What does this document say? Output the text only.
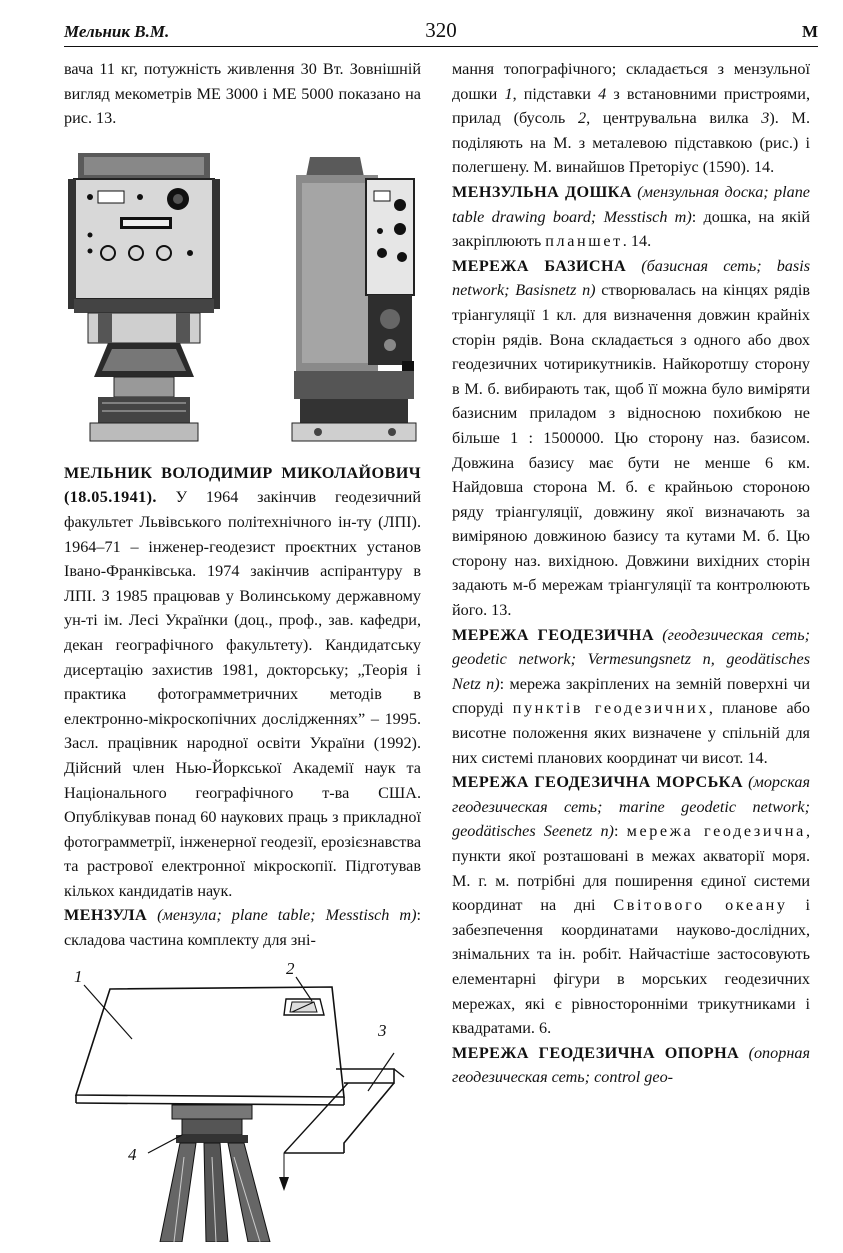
Мельник В.М.	320	М

вача 11 кг, потужність живлення 30 Вт. Зовнішній вигляд мекометрів МЕ 3000 і МЕ 5000 показано на рис. 13.

МЕЛЬНИК ВОЛОДИМИР МИКОЛАЙОВИЧ (18.05.1941). У 1964 закінчив геодезичний факультет Львівського політехнічного ін-ту (ЛПІ). 1964–71 – інженер-геодезист проєктних установ Івано-Франківська. 1974 закінчив аспірантуру в ЛПІ. З 1985 працював у Волинському державному ун-ті ім. Лесі Українки (доц., проф., зав. кафедри, декан географічного факультету). Кандидатську дисертацію захистив 1981, докторську; „Теорія і практика фотограмметричних методів в електронно-мікроскопічних дослідженнях” – 1995. Засл. працівник народної освіти України (1992). Дійсний член Нью-Йоркської Академії наук та Національного географічного т-ва США. Опублікував понад 60 наукових праць з прикладної фотограмметрії, інженерної геодезії, ерозієзнавства та растрової електронної мікроскопії. Підготував кількох кандидатів наук.

МЕНЗУЛА (мензула; plane table; Messtisch m): складова частина комплекту для зні-

1	2
3
4

мання топографічного; складається з мензульної дошки 1, підставки 4 з встановними пристроями, прилад (бусоль 2, центрувальна вилка 3). М. поділяють на М. з металевою підставкою (рис.) і полегшену. М. винайшов Преторіус (1590). 14.

МЕНЗУЛЬНА ДОШКА (мензульная доска; plane table drawing board; Messtisch m): дошка, на якій закріплюють планшет. 14.

МЕРЕЖА БАЗИСНА (базисная сеть; basis network; Basisnetz n) створювалась на кінцях рядів тріангуляції 1 кл. для визначення довжин крайніх сторін рядів. Вона складається з одного або двох геодезичних чотирикутників. Найкоротшу сторону в М. б. вибирають так, щоб її можна було виміряти базисним приладом з відносною похибкою не більше 1 : 1500000. Цю сторону наз. базисом. Довжина базису має бути не менше 6 км. Найдовша сторона М. б. є крайньою стороною ряду тріангуляції, довжину якої визначають за виміряною довжиною базису та кутами М. б. Цю сторону наз. вихідною. Довжини вихідних сторін задають м-б мережам тріангуляції та контролюють його. 13.

МЕРЕЖА ГЕОДЕЗИЧНА (геодезическая сеть; geodetic network; Vermesungsnetz n, geodätisches Netz n): мережа закріплених на земній поверхні чи споруді пунктів геодезичних, планове або висотне положення яких визначене у спільній для них системі планових координат чи висот. 14.

МЕРЕЖА ГЕОДЕЗИЧНА МОРСЬКА (морская геодезическая сеть; marine geodetic network; geodätisches Seenetz n): мережа геодезична, пункти якої розташовані в межах акваторії моря. М. г. м. потрібні для поширення єдиної системи координат на дні Світового океану і забезпечення координатами науково-дослідних, знімальних та ін. робіт. Найчастіше застосовують елементарні фігури в морських геодезичних мережах, які є рівносторонніми трикутниками і квадратами. 6.

МЕРЕЖА ГЕОДЕЗИЧНА ОПОРНА (опорная геодезическая сеть; control geo-
